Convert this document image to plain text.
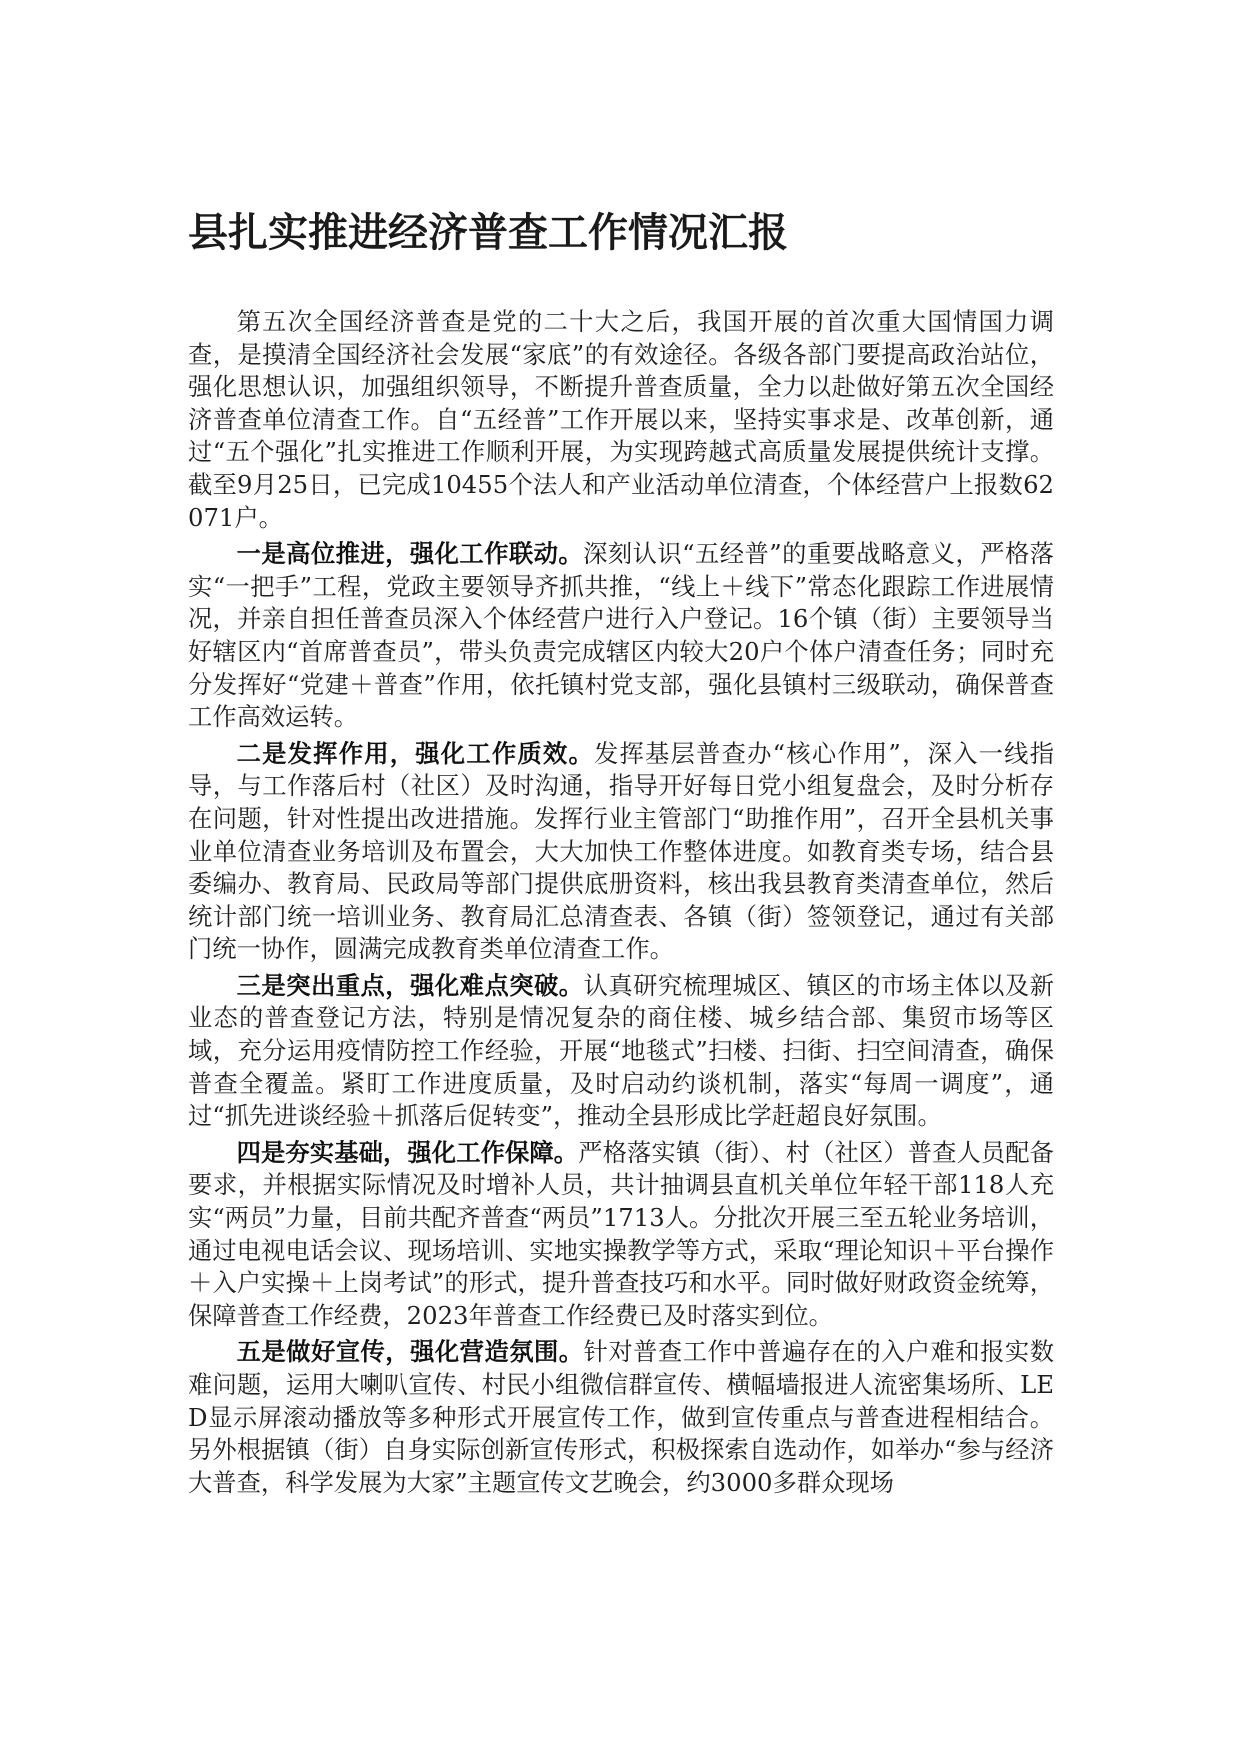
县扎实推进经济普查工作情况汇报

第五次全国经济普查是党的二十大之后，我国开展的首次重大国情国力调查，是摸清全国经济社会发展“家底”的有效途径。各级各部门要提高政治站位，强化思想认识，加强组织领导，不断提升普查质量，全力以赴做好第五次全国经济普查单位清查工作。自“五经普”工作开展以来，坚持实事求是、改革创新，通过“五个强化”扎实推进工作顺利开展，为实现跨越式高质量发展提供统计支撑。截至9月25日，已完成10455个法人和产业活动单位清查，个体经营户上报数62071户。

一是高位推进，强化工作联动。深刻认识“五经普”的重要战略意义，严格落实“一把手”工程，党政主要领导齐抓共推，“线上＋线下”常态化跟踪工作进展情况，并亲自担任普查员深入个体经营户进行入户登记。16个镇（街）主要领导当好辖区内“首席普查员”，带头负责完成辖区内较大20户个体户清查任务；同时充分发挥好“党建＋普查”作用，依托镇村党支部，强化县镇村三级联动，确保普查工作高效运转。

二是发挥作用，强化工作质效。发挥基层普查办“核心作用”，深入一线指导，与工作落后村（社区）及时沟通，指导开好每日党小组复盘会，及时分析存在问题，针对性提出改进措施。发挥行业主管部门“助推作用”，召开全县机关事业单位清查业务培训及布置会，大大加快工作整体进度。如教育类专场，结合县委编办、教育局、民政局等部门提供底册资料，核出我县教育类清查单位，然后统计部门统一培训业务、教育局汇总清查表、各镇（街）签领登记，通过有关部门统一协作，圆满完成教育类单位清查工作。

三是突出重点，强化难点突破。认真研究梳理城区、镇区的市场主体以及新业态的普查登记方法，特别是情况复杂的商住楼、城乡结合部、集贸市场等区域，充分运用疫情防控工作经验，开展“地毯式”扫楼、扫街、扫空间清查，确保普查全覆盖。紧盯工作进度质量，及时启动约谈机制，落实“每周一调度”，通过“抓先进谈经验＋抓落后促转变”，推动全县形成比学赶超良好氛围。

四是夯实基础，强化工作保障。严格落实镇（街）、村（社区）普查人员配备要求，并根据实际情况及时增补人员，共计抽调县直机关单位年轻干部118人充实“两员”力量，目前共配齐普查“两员”1713人。分批次开展三至五轮业务培训，通过电视电话会议、现场培训、实地实操教学等方式，采取“理论知识＋平台操作＋入户实操＋上岗考试”的形式，提升普查技巧和水平。同时做好财政资金统筹，保障普查工作经费，2023年普查工作经费已及时落实到位。

五是做好宣传，强化营造氛围。针对普查工作中普遍存在的入户难和报实数难问题，运用大喇叭宣传、村民小组微信群宣传、横幅墙报进人流密集场所、LED显示屏滚动播放等多种形式开展宣传工作，做到宣传重点与普查进程相结合。另外根据镇（街）自身实际创新宣传形式，积极探索自选动作，如举办“参与经济大普查，科学发展为大家”主题宣传文艺晚会，约3000多群众现场
